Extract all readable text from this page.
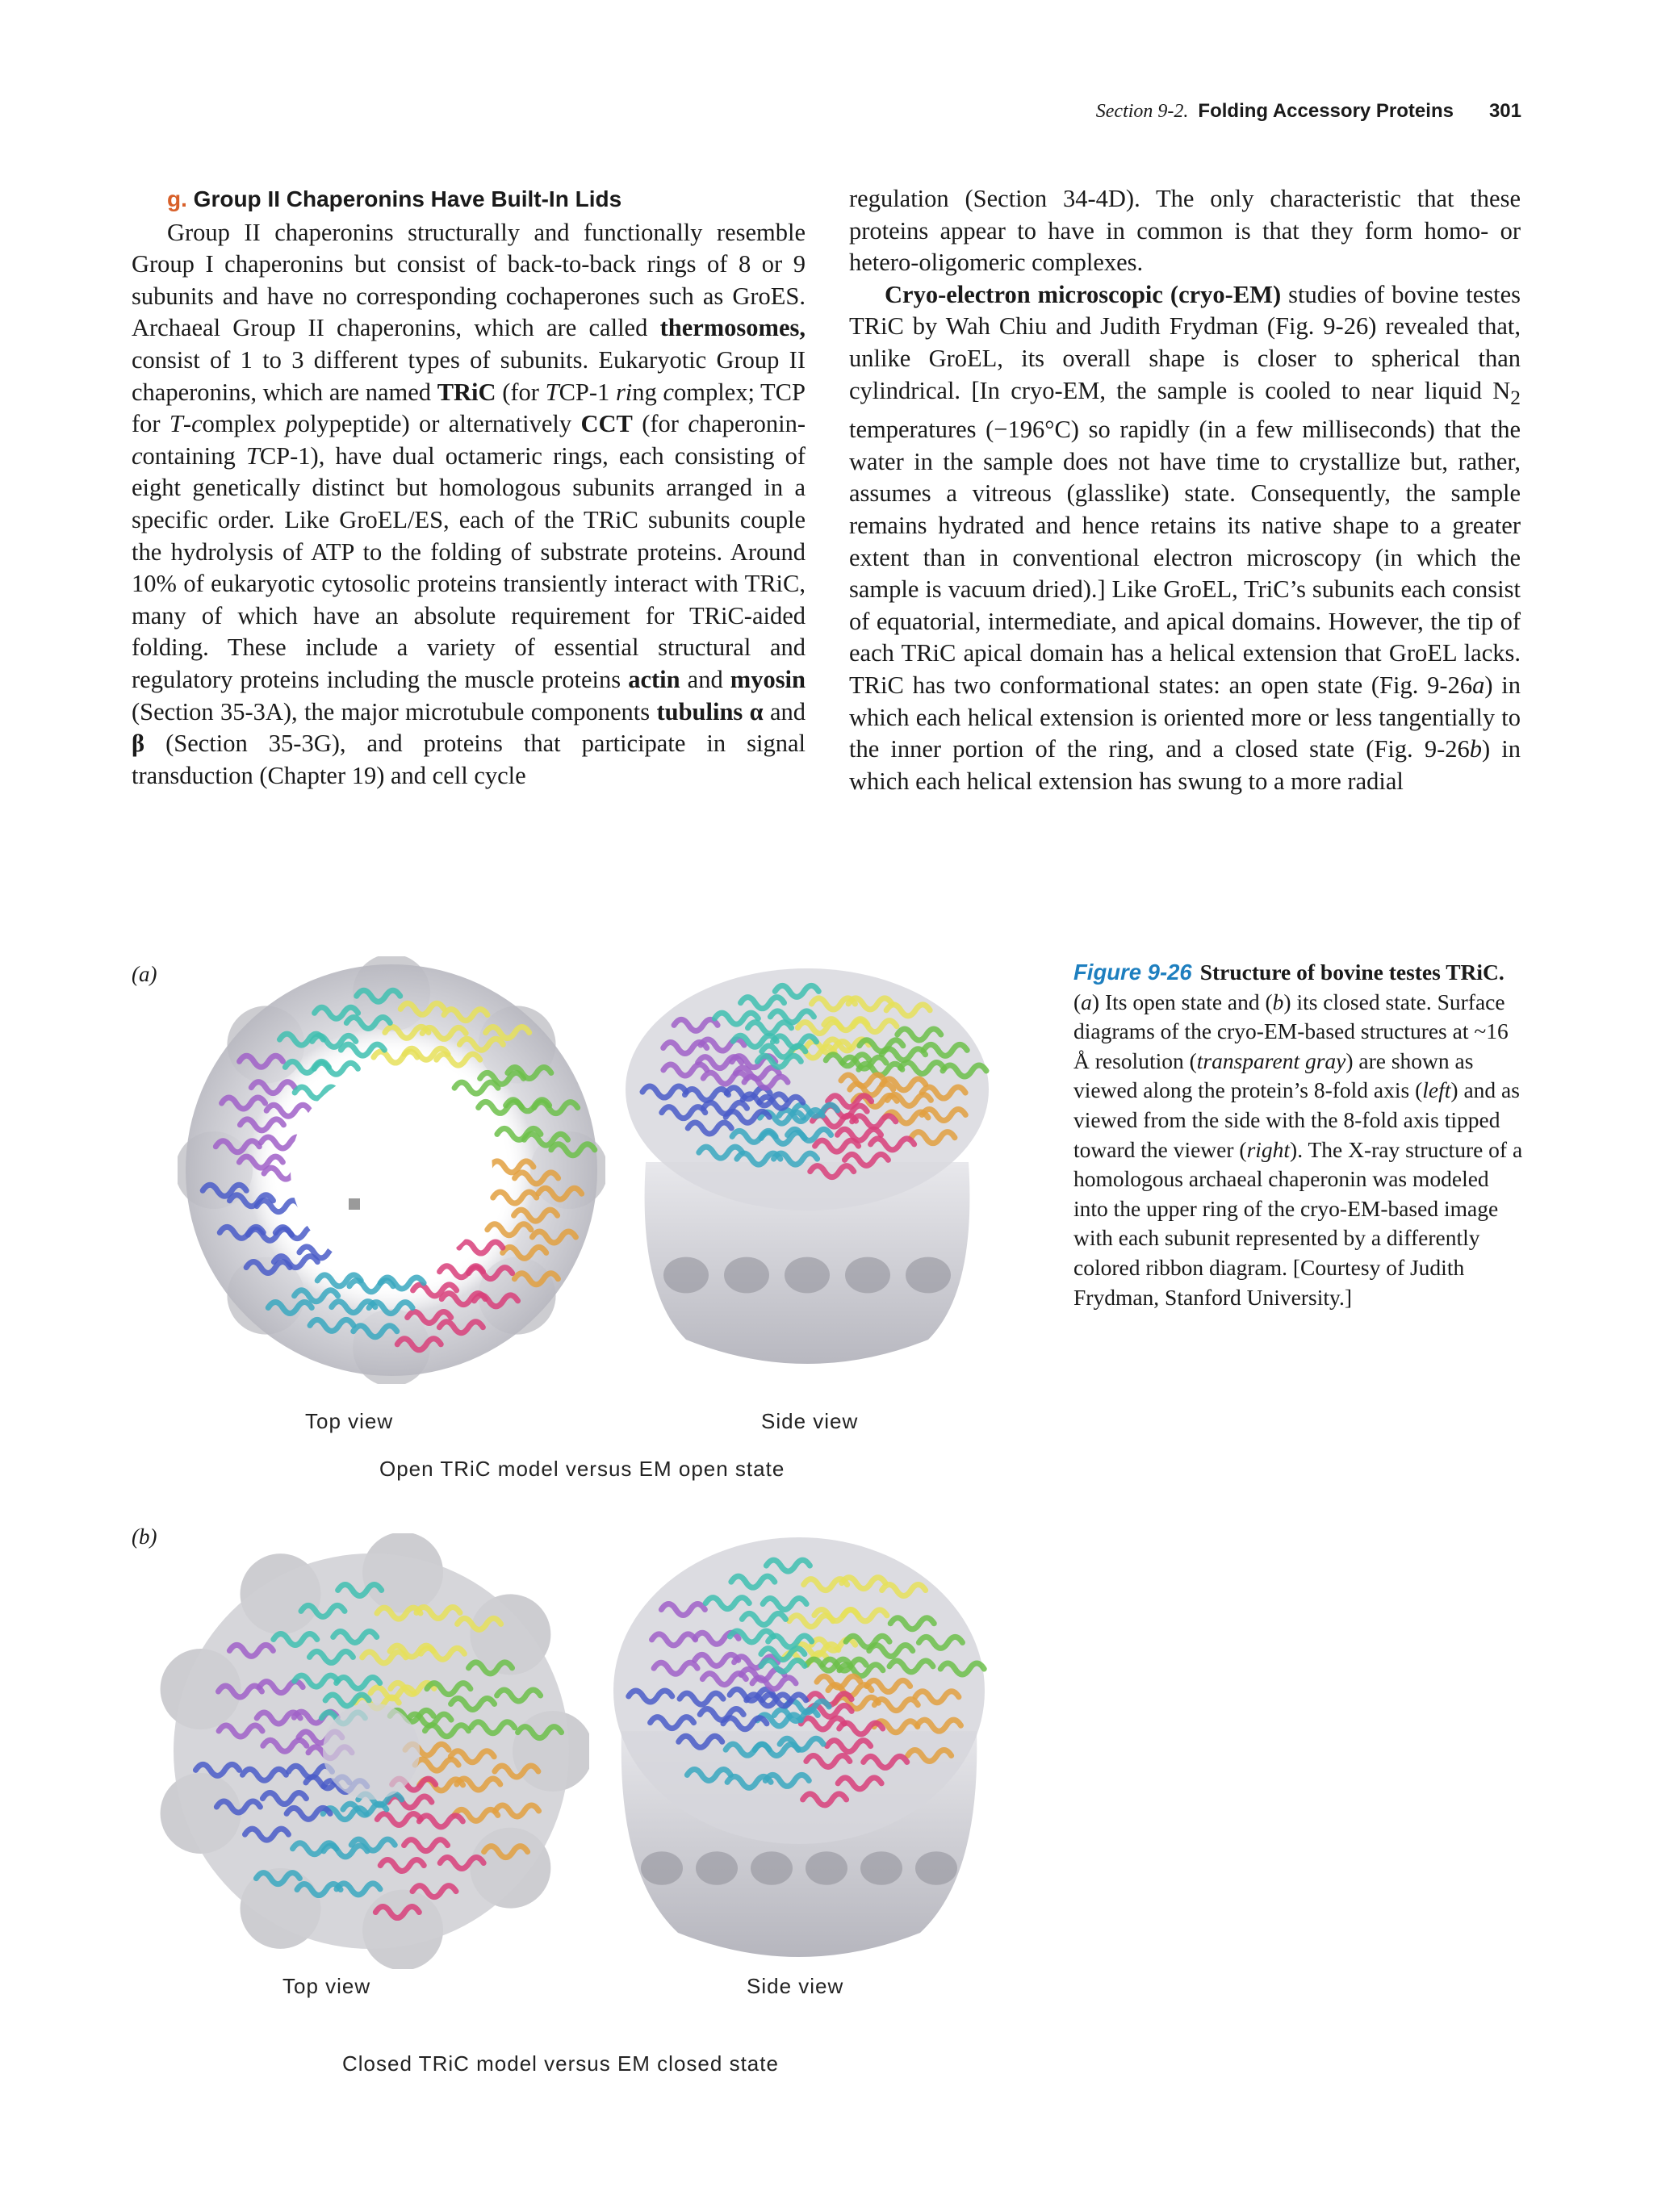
Section 9-2. Folding Accessory Proteins 301
g. Group II Chaperonins Have Built-In Lids

Group II chaperonins structurally and functionally resemble Group I chaperonins but consist of back-to-back rings of 8 or 9 subunits and have no corresponding cochaperones such as GroES. Archaeal Group II chaperonins, which are called thermosomes, consist of 1 to 3 different types of subunits. Eukaryotic Group II chaperonins, which are named TRiC (for TCP-1 ring complex; TCP for T-complex polypeptide) or alternatively CCT (for chaperonin-containing TCP-1), have dual octameric rings, each consisting of eight genetically distinct but homologous subunits arranged in a specific order. Like GroEL/ES, each of the TRiC subunits couple the hydrolysis of ATP to the folding of substrate proteins. Around 10% of eukaryotic cytosolic proteins transiently interact with TRiC, many of which have an absolute requirement for TRiC-aided folding. These include a variety of essential structural and regulatory proteins including the muscle proteins actin and myosin (Section 35-3A), the major microtubule components tubulins α and β (Section 35-3G), and proteins that participate in signal transduction (Chapter 19) and cell cycle

regulation (Section 34-4D). The only characteristic that these proteins appear to have in common is that they form homo- or hetero-oligomeric complexes.

Cryo-electron microscopic (cryo-EM) studies of bovine testes TRiC by Wah Chiu and Judith Frydman (Fig. 9-26) revealed that, unlike GroEL, its overall shape is closer to spherical than cylindrical. [In cryo-EM, the sample is cooled to near liquid $N_2$ temperatures (−196°C) so rapidly (in a few milliseconds) that the water in the sample does not have time to crystallize but, rather, assumes a vitreous (glasslike) state. Consequently, the sample remains hydrated and hence retains its native shape to a greater extent than in conventional electron microscopy (in which the sample is vacuum dried).] Like GroEL, TriC’s subunits each consist of equatorial, intermediate, and apical domains. However, the tip of each TRiC apical domain has a helical extension that GroEL lacks. TRiC has two conformational states: an open state (Fig. 9-26a) in which each helical extension is oriented more or less tangentially to the inner portion of the ring, and a closed state (Fig. 9-26b) in which each helical extension has swung to a more radial

(a)
(b)
Top view	Side view
Open TRiC model versus EM open state
Top view	Side view
Closed TRiC model versus EM closed state
Figure 9-26 Structure of bovine testes TRiC. (a) Its open state and (b) its closed state. Surface diagrams of the cryo-EM-based structures at ~16 Å resolution (transparent gray) are shown as viewed along the protein’s 8-fold axis (left) and as viewed from the side with the 8-fold axis tipped toward the viewer (right). The X-ray structure of a homologous archaeal chaperonin was modeled into the upper ring of the cryo-EM-based image with each subunit represented by a differently colored ribbon diagram. [Courtesy of Judith Frydman, Stanford University.]
